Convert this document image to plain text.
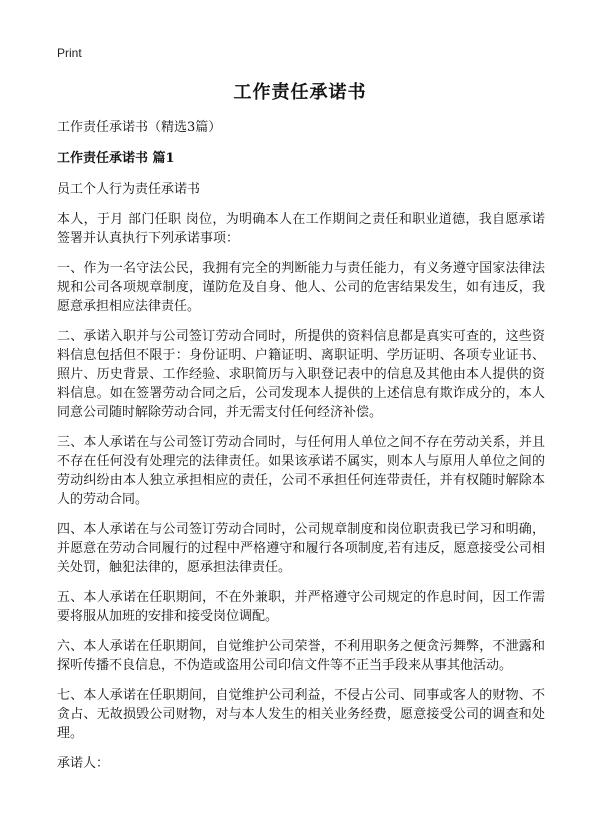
Print
工作责任承诺书

工作责任承诺书（精选3篇）

工作责任承诺书 篇1

员工个人行为责任承诺书

本人，于月 部门任职 岗位，为明确本人在工作期间之责任和职业道德，我自愿承诺签署并认真执行下列承诺事项：

一、作为一名守法公民，我拥有完全的判断能力与责任能力，有义务遵守国家法律法规和公司各项规章制度，谨防危及自身、他人、公司的危害结果发生，如有违反，我愿意承担相应法律责任。

二、承诺入职并与公司签订劳动合同时，所提供的资料信息都是真实可查的，这些资料信息包括但不限于：身份证明、户籍证明、离职证明、学历证明、各项专业证书、照片、历史背景、工作经验、求职简历与入职登记表中的信息及其他由本人提供的资料信息。如在签署劳动合同之后，公司发现本人提供的上述信息有欺诈成分的，本人同意公司随时解除劳动合同，并无需支付任何经济补偿。

三、本人承诺在与公司签订劳动合同时，与任何用人单位之间不存在劳动关系，并且不存在任何没有处理完的法律责任。如果该承诺不属实，则本人与原用人单位之间的劳动纠纷由本人独立承担相应的责任，公司不承担任何连带责任，并有权随时解除本人的劳动合同。

四、本人承诺在与公司签订劳动合同时，公司规章制度和岗位职责我已学习和明确，并愿意在劳动合同履行的过程中严格遵守和履行各项制度,若有违反，愿意接受公司相关处罚，触犯法律的，愿承担法律责任。

五、本人承诺在任职期间，不在外兼职，并严格遵守公司规定的作息时间，因工作需要将服从加班的安排和接受岗位调配。

六、本人承诺在任职期间，自觉维护公司荣誉，不利用职务之便贪污舞弊，不泄露和探听传播不良信息，不伪造或盗用公司印信文件等不正当手段来从事其他活动。

七、本人承诺在任职期间，自觉维护公司利益，不侵占公司、同事或客人的财物、不贪占、无故损毁公司财物，对与本人发生的相关业务经费，愿意接受公司的调查和处理。

承诺人：
